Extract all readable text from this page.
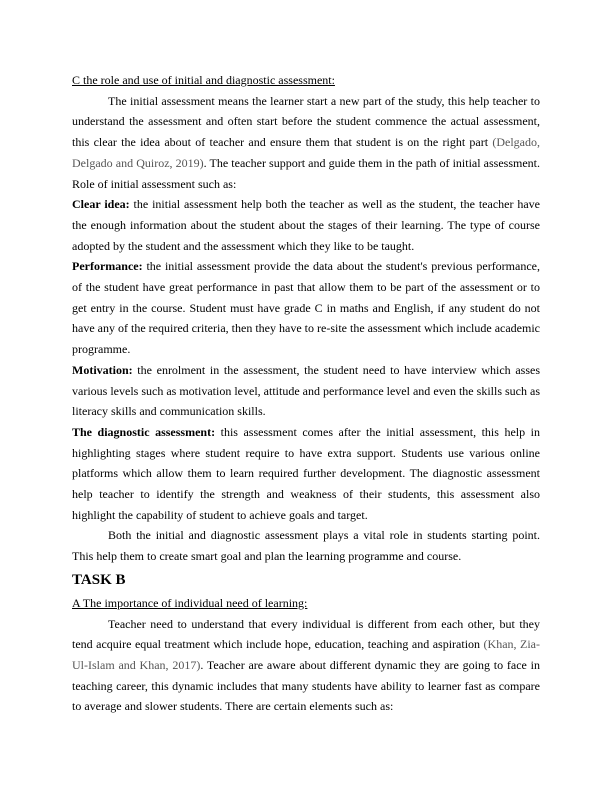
C the role and use of initial and diagnostic assessment:

The initial assessment means the learner start a new part of the study, this help teacher to understand the assessment and often start before the student commence the actual assessment, this clear the idea about of teacher and ensure them that student is on the right part (Delgado, Delgado and Quiroz, 2019). The teacher support and guide them in the path of initial assessment. Role of initial assessment such as:

Clear idea: the initial assessment help both the teacher as well as the student, the teacher have the enough information about the student about the stages of their learning. The type of course adopted by the student and the assessment which they like to be taught.

Performance: the initial assessment provide the data about the student's previous performance, of the student have great performance in past that allow them to be part of the assessment or to get entry in the course. Student must have grade C in maths and English, if any student do not have any of the required criteria, then they have to re-site the assessment which include academic programme.

Motivation: the enrolment in the assessment, the student need to have interview which asses various levels such as motivation level, attitude and performance level and even the skills such as literacy skills and communication skills.

The diagnostic assessment: this assessment comes after the initial assessment, this help in highlighting stages where student require to have extra support. Students use various online platforms which allow them to learn required further development. The diagnostic assessment help teacher to identify the strength and weakness of their students, this assessment also highlight the capability of student to achieve goals and target.

Both the initial and diagnostic assessment plays a vital role in students starting point. This help them to create smart goal and plan the learning programme and course.

TASK B

A The importance of individual need of learning:

Teacher need to understand that every individual is different from each other, but they tend acquire equal treatment which include hope, education, teaching and aspiration (Khan, Zia-Ul-Islam and Khan, 2017). Teacher are aware about different dynamic they are going to face in teaching career, this dynamic includes that many students have ability to learner fast as compare to average and slower students. There are certain elements such as:
